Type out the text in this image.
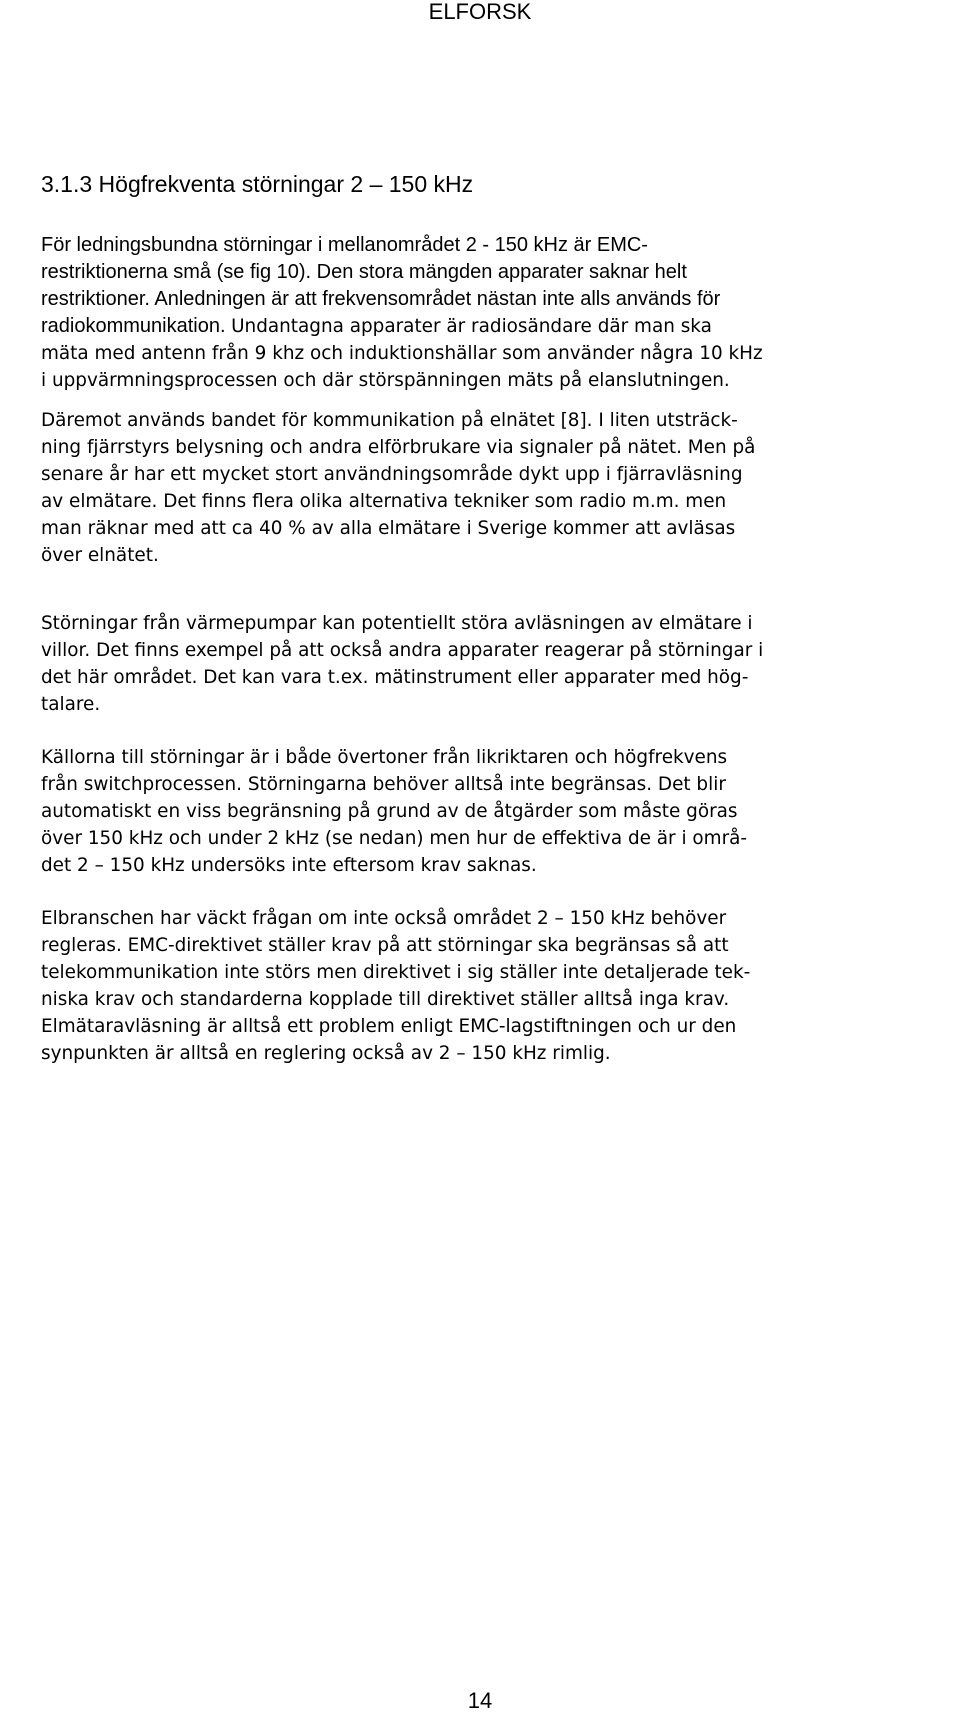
ELFORSK
3.1.3 Högfrekventa störningar 2 – 150 kHz
För ledningsbundna störningar i mellanområdet 2 - 150 kHz är EMC-
restriktionerna små (se fig 10). Den stora mängden apparater saknar helt
restriktioner. Anledningen är att frekvensområdet nästan inte alls används för
radiokommunikation. Undantagna apparater är radiosändare där man ska
mäta med antenn från 9 khz och induktionshällar som använder några 10 kHz
i uppvärmningsprocessen och där störspänningen mäts på elanslutningen.
Däremot används bandet för kommunikation på elnätet [8]. I liten utsträck-
ning fjärrstyrs belysning och andra elförbrukare via signaler på nätet. Men på
senare år har ett mycket stort användningsområde dykt upp i fjärravläsning
av elmätare. Det finns flera olika alternativa tekniker som radio m.m. men
man räknar med att ca 40 % av alla elmätare i Sverige kommer att avläsas
över elnätet.
Störningar från värmepumpar kan potentiellt störa avläsningen av elmätare i
villor. Det finns exempel på att också andra apparater reagerar på störningar i
det här området. Det kan vara t.ex. mätinstrument eller apparater med hög-
talare.
Källorna till störningar är i både övertoner från likriktaren och högfrekvens
från switchprocessen. Störningarna behöver alltså inte begränsas. Det blir
automatiskt en viss begränsning på grund av de åtgärder som måste göras
över 150 kHz och under 2 kHz (se nedan) men hur de effektiva de är i områ-
det 2 – 150 kHz undersöks inte eftersom krav saknas.
Elbranschen har väckt frågan om inte också området 2 – 150 kHz behöver
regleras. EMC-direktivet ställer krav på att störningar ska begränsas så att
telekommunikation inte störs men direktivet i sig ställer inte detaljerade tek-
niska krav och standarderna kopplade till direktivet ställer alltså inga krav.
Elmätaravläsning är alltså ett problem enligt EMC-lagstiftningen och ur den
synpunkten är alltså en reglering också av 2 – 150 kHz rimlig.
14
